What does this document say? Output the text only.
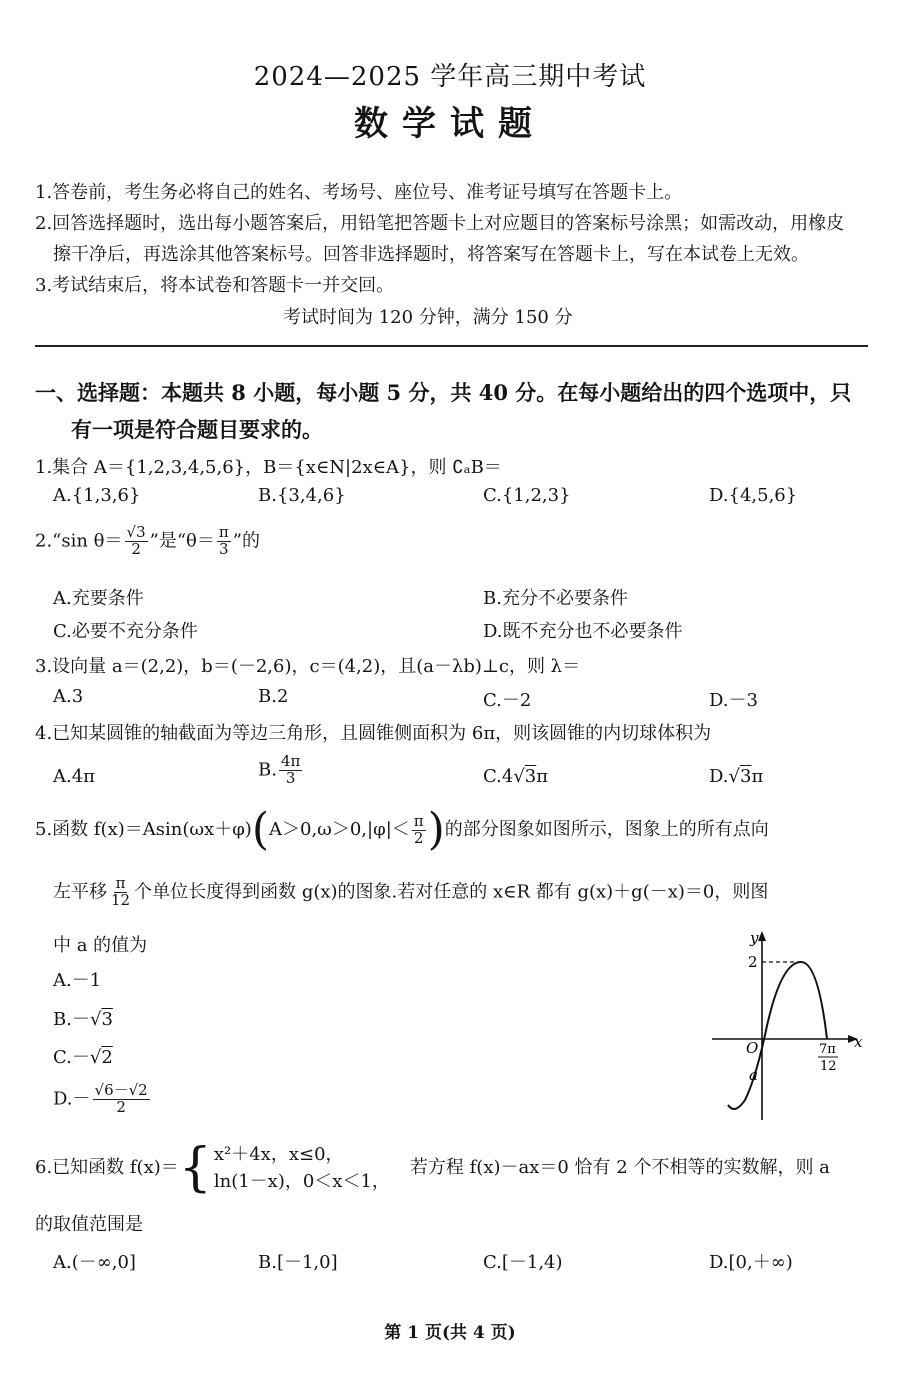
2024—2025 学年高三期中考试
数学试题
1.答卷前，考生务必将自己的姓名、考场号、座位号、准考证号填写在答题卡上。
2.回答选择题时，选出每小题答案后，用铅笔把答题卡上对应题目的答案标号涂黑；如需改动，用橡皮
擦干净后，再选涂其他答案标号。回答非选择题时，将答案写在答题卡上，写在本试卷上无效。
3.考试结束后，将本试卷和答题卡一并交回。
考试时间为 120 分钟，满分 150 分
一、选择题：本题共 8 小题，每小题 5 分，共 40 分。在每小题给出的四个选项中，只
有一项是符合题目要求的。
1.集合 A＝{1,2,3,4,5,6}，B＝{x∈N|2x∈A}，则 ∁ₐB＝
A.{1,3,6}	B.{3,4,6}	C.{1,2,3}	D.{4,5,6}
2.“sin $\theta= \frac{√3}{2}$ ”是“$\theta= \frac{\pi}{3}$ ”的
A.充要条件	B.充分不必要条件
C.必要不充分条件	D.既不充分也不必要条件
3.设向量 a＝(2,2)，b＝(－2,6)，c＝(4,2)，且(a－λb)⊥c，则 λ＝
A.3	B.2	C.－2	D.－3
4.已知某圆锥的轴截面为等边三角形，且圆锥侧面积为 6π，则该圆锥的内切球体积为
A.4π	B. $\frac{4\pi}{3}$	C.4√3π	D.√3π
5.函数 $f(x)=Asin(\omega x+\varphi)(A>0,\omega>0,|\varphi|< \frac{\pi}{2}$ )的部分图象如图所示，图象上的所有点向
左平移 $\frac{\pi}{12}$ 个单位长度得到函数 g(x)的图象.若对任意的 x∈R 都有 g(x)＋g(－x)＝0，则图
中 a 的值为
A.－1
B.－√3
C.－√2
$D.- \frac{√6-√2}{2}$
y
x
O
2
a
7π
12
6.已知函数 f(x)＝ { x²＋4x，x≤0，
ln(1－x)，0＜x＜1，
若方程 f(x)－ax＝0 恰有 2 个不相等的实数解，则 a
的取值范围是
A.(－∞,0]	B.[－1,0]	C.[－1,4)	D.[0,＋∞)
第 1 页(共 4 页)
